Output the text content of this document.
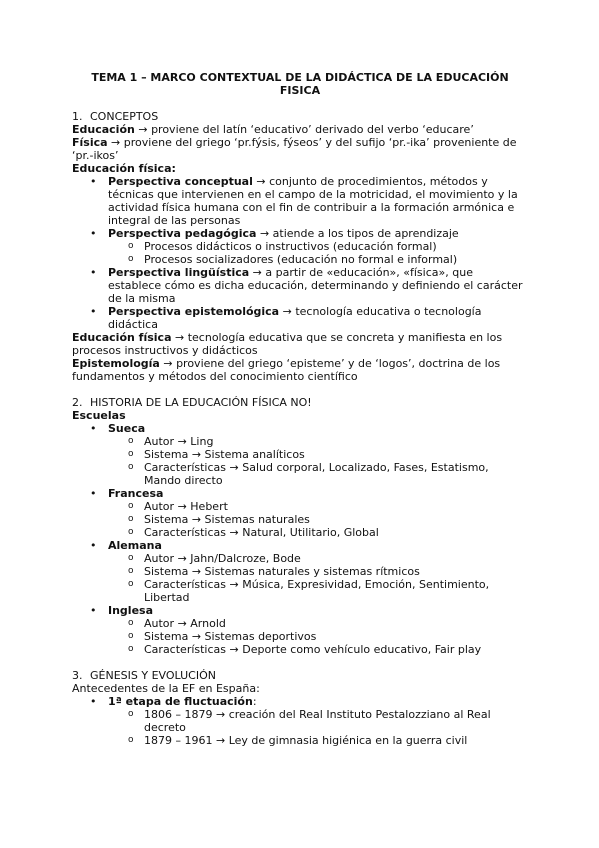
TEMA 1 – MARCO CONTEXTUAL DE LA DIDÁCTICA DE LA EDUCACIÓN FISICA
1. CONCEPTOS

Educación → proviene del latín ‘educativo’ derivado del verbo ‘educare’

Física → proviene del griego ‘pr.fýsis, fýseos’ y del sufijo ‘pr.-ika’ proveniente de ‘pr.-ikos’

Educación física:

• Perspectiva conceptual → conjunto de procedimientos, métodos y técnicas que intervienen en el campo de la motricidad, el movimiento y la actividad física humana con el fin de contribuir a la formación armónica e integral de las personas
• Perspectiva pedagógica → atiende a los tipos de aprendizaje
o Procesos didácticos o instructivos (educación formal)
o Procesos socializadores (educación no formal e informal)
• Perspectiva lingüística → a partir de «educación», «física», que establece cómo es dicha educación, determinando y definiendo el carácter de la misma
• Perspectiva epistemológica → tecnología educativa o tecnología didáctica

Educación física → tecnología educativa que se concreta y manifiesta en los procesos instructivos y didácticos

Epistemología → proviene del griego ‘episteme’ y de ‘logos’, doctrina de los fundamentos y métodos del conocimiento científico

2. HISTORIA DE LA EDUCACIÓN FÍSICA NO!

Escuelas

• Sueca
o Autor → Ling
o Sistema → Sistema analíticos
o Características → Salud corporal, Localizado, Fases, Estatismo, Mando directo
• Francesa
o Autor → Hebert
o Sistema → Sistemas naturales
o Características → Natural, Utilitario, Global
• Alemana
o Autor → Jahn/Dalcroze, Bode
o Sistema → Sistemas naturales y sistemas rítmicos
o Características → Música, Expresividad, Emoción, Sentimiento, Libertad
• Inglesa
o Autor → Arnold
o Sistema → Sistemas deportivos
o Características → Deporte como vehículo educativo, Fair play
3. GÉNESIS Y EVOLUCIÓN

Antecedentes de la EF en España:

• 1ª etapa de fluctuación:
o 1806 – 1879 → creación del Real Instituto Pestalozziano al Real decreto
o 1879 – 1961 → Ley de gimnasia higiénica en la guerra civil
